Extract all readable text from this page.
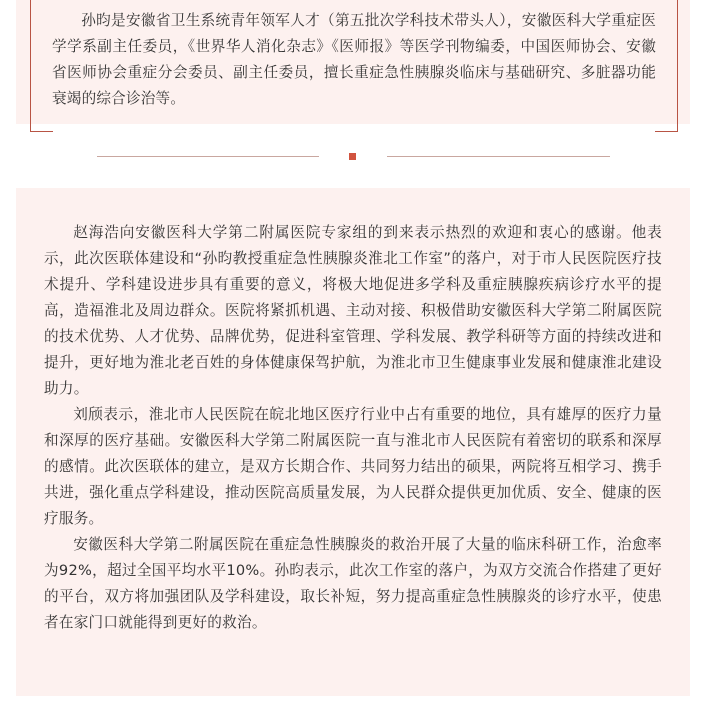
孙昀是安徽省卫生系统青年领军人才（第五批次学科技术带头人），安徽医科大学重症医学学系副主任委员，《世界华人消化杂志》《医师报》等医学刊物编委，中国医师协会、安徽省医师协会重症分会委员、副主任委员，擅长重症急性胰腺炎临床与基础研究、多脏器功能衰竭的综合诊治等。

赵海浩向安徽医科大学第二附属医院专家组的到来表示热烈的欢迎和衷心的感谢。他表示，此次医联体建设和“孙昀教授重症急性胰腺炎淮北工作室”的落户，对于市人民医院医疗技术提升、学科建设进步具有重要的意义，将极大地促进多学科及重症胰腺疾病诊疗水平的提高，造福淮北及周边群众。医院将紧抓机遇、主动对接、积极借助安徽医科大学第二附属医院的技术优势、人才优势、品牌优势，促进科室管理、学科发展、教学科研等方面的持续改进和提升，更好地为淮北老百姓的身体健康保驾护航，为淮北市卫生健康事业发展和健康淮北建设助力。

刘颀表示，淮北市人民医院在皖北地区医疗行业中占有重要的地位，具有雄厚的医疗力量和深厚的医疗基础。安徽医科大学第二附属医院一直与淮北市人民医院有着密切的联系和深厚的感情。此次医联体的建立，是双方长期合作、共同努力结出的硕果，两院将互相学习、携手共进，强化重点学科建设，推动医院高质量发展，为人民群众提供更加优质、安全、健康的医疗服务。

安徽医科大学第二附属医院在重症急性胰腺炎的救治开展了大量的临床科研工作，治愈率为92%，超过全国平均水平10%。孙昀表示，此次工作室的落户，为双方交流合作搭建了更好的平台，双方将加强团队及学科建设，取长补短，努力提高重症急性胰腺炎的诊疗水平，使患者在家门口就能得到更好的救治。
